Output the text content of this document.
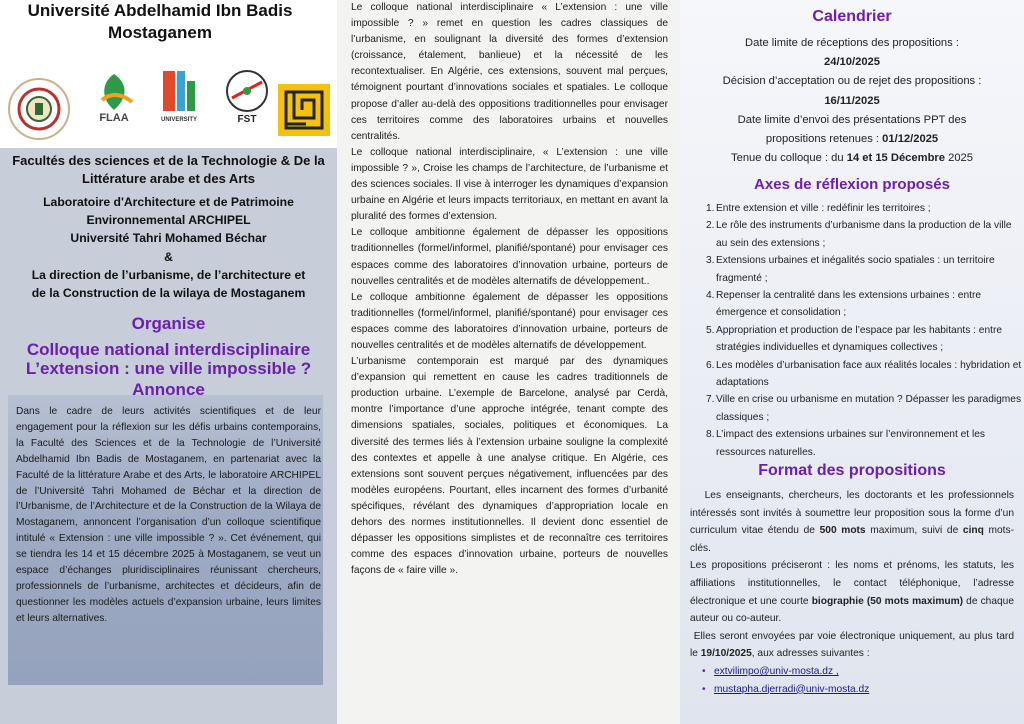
Université Abdelhamid Ibn Badis
Mostaganem
FLAA	UNIVERSITY	FST
Facultés des sciences et de la Technologie & De la Littérature arabe et des Arts
Laboratoire d'Architecture et de Patrimoine
Environnemental ARCHIPEL
Université Tahri Mohamed Béchar
&
La direction de l’urbanisme, de l’architecture et
de la Construction de la wilaya de Mostaganem
Organise
Colloque national interdisciplinaire
L’extension : une ville impossible ?
Annonce
Dans le cadre de leurs activités scientifiques et de leur engagement pour la réflexion sur les défis urbains contemporains, la Faculté des Sciences et de la Technologie de l’Université Abdelhamid Ibn Badis de Mostaganem, en partenariat avec la Faculté de la littérature Arabe et des Arts, le laboratoire ARCHIPEL de l’Université Tahri Mohamed de Béchar et la direction de l’Urbanisme, de l’Architecture et de la Construction de la Wilaya de Mostaganem, annoncent l’organisation d’un colloque scientifique intitulé « Extension : une ville impossible ? ». Cet événement, qui se tiendra les 14 et 15 décembre 2025 à Mostaganem, se veut un espace d’échanges pluridisciplinaires réunissant chercheurs, professionnels de l’urbanisme, architectes et décideurs, afin de questionner les modèles actuels d’expansion urbaine, leurs limites et leurs alternatives.

Le colloque national interdisciplinaire « L’extension : une ville impossible ? » remet en question les cadres classiques de l’urbanisme, en soulignant la diversité des formes d’extension (croissance, étalement, banlieue) et la nécessité de les recontextualiser. En Algérie, ces extensions, souvent mal perçues, témoignent pourtant d’innovations sociales et spatiales. Le colloque propose d’aller au-delà des oppositions traditionnelles pour envisager ces territoires comme des laboratoires urbains et nouvelles centralités.

Le colloque national interdisciplinaire, « L’extension : une ville impossible ? », Croise les champs de l’architecture, de l’urbanisme et des sciences sociales. Il vise à interroger les dynamiques d’expansion urbaine en Algérie et leurs impacts territoriaux, en mettant en avant la pluralité des formes d’extension.

Le colloque ambitionne également de dépasser les oppositions traditionnelles (formel/informel, planifié/spontané) pour envisager ces espaces comme des laboratoires d’innovation urbaine, porteurs de nouvelles centralités et de modèles alternatifs de développement..

Le colloque ambitionne également de dépasser les oppositions traditionnelles (formel/informel, planifié/spontané) pour envisager ces espaces comme des laboratoires d’innovation urbaine, porteurs de nouvelles centralités et de modèles alternatifs de développement.

L’urbanisme contemporain est marqué par des dynamiques d’expansion qui remettent en cause les cadres traditionnels de production urbaine. L’exemple de Barcelone, analysé par Cerdà, montre l’importance d’une approche intégrée, tenant compte des dimensions spatiales, sociales, politiques et économiques. La diversité des termes liés à l’extension urbaine souligne la complexité des contextes et appelle à une analyse critique. En Algérie, ces extensions sont souvent perçues négativement, influencées par des modèles européens. Pourtant, elles incarnent des formes d’urbanité spécifiques, révélant des dynamiques d’appropriation locale en dehors des normes institutionnelles. Il devient donc essentiel de dépasser les oppositions simplistes et de reconnaître ces territoires comme des espaces d’innovation urbaine, porteurs de nouvelles façons de « faire ville ».

Calendrier
Date limite de réceptions des propositions :
24/10/2025
Décision d’acceptation ou de rejet des propositions :
16/11/2025
Date limite d’envoi des présentations PPT des
propositions retenues : 01/12/2025
Tenue du colloque : du 14 et 15 Décembre 2025
Axes de réflexion proposés
1. Entre extension et ville : redéfinir les territoires ;
2. Le rôle des instruments d’urbanisme dans la production de la ville au sein des extensions ;
3. Extensions urbaines et inégalités socio spatiales : un territoire fragmenté ;
4. Repenser la centralité dans les extensions urbaines : entre émergence et consolidation ;
5. Appropriation et production de l’espace par les habitants : entre stratégies individuelles et dynamiques collectives ;
6. Les modèles d’urbanisation face aux réalités locales : hybridation et adaptations
7. Ville en crise ou urbanisme en mutation ? Dépasser les paradigmes classiques ;
8. L’impact des extensions urbaines sur l’environnement et les ressources naturelles.
Format des propositions

Les enseignants, chercheurs, les doctorants et les professionnels intéressés sont invités à soumettre leur proposition sous la forme d’un curriculum vitae étendu de 500 mots maximum, suivi de cinq mots-clés.

Les propositions préciseront : les noms et prénoms, les statuts, les affiliations institutionnelles, le contact téléphonique, l’adresse électronique et une courte biographie (50 mots maximum) de chaque auteur ou co-auteur.

Elles seront envoyées par voie électronique uniquement, au plus tard le 19/10/2025, aux adresses suivantes :

• extvilimpo@univ-mosta.dz ,
• mustapha.djerradi@univ-mosta.dz
